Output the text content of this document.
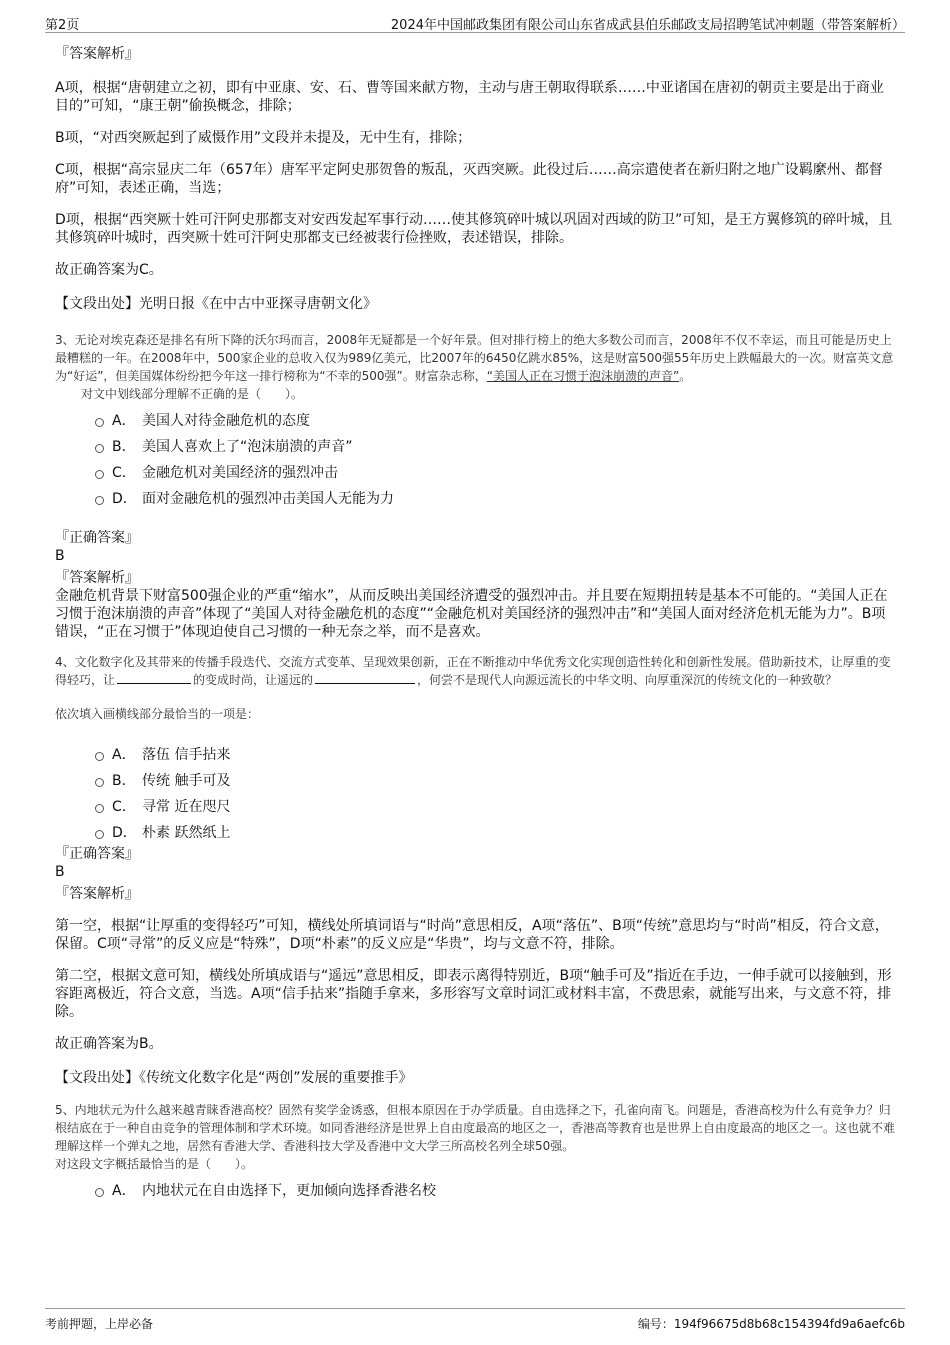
第2页	2024年中国邮政集团有限公司山东省成武县伯乐邮政支局招聘笔试冲刺题（带答案解析）

『答案解析』

A项，根据“唐朝建立之初，即有中亚康、安、石、曹等国来献方物，主动与唐王朝取得联系……中亚诸国在唐初的朝贡主要是出于商业目的”可知，“康王朝”偷换概念，排除；

B项，“对西突厥起到了威慑作用”文段并未提及，无中生有，排除；

C项，根据“高宗显庆二年（657年）唐军平定阿史那贺鲁的叛乱，灭西突厥。此役过后……高宗遣使者在新归附之地广设羁縻州、都督府”可知，表述正确，当选；

D项，根据“西突厥十姓可汗阿史那都支对安西发起军事行动……使其修筑碎叶城以巩固对西域的防卫”可知，是王方翼修筑的碎叶城，且其修筑碎叶城时，西突厥十姓可汗阿史那都支已经被裴行俭挫败，表述错误，排除。

故正确答案为C。

【文段出处】光明日报《在中古中亚探寻唐朝文化》

3、无论对埃克森还是排名有所下降的沃尔玛而言，2008年无疑都是一个好年景。但对排行榜上的绝大多数公司而言，2008年不仅不幸运，而且可能是历史上最糟糕的一年。在2008年中，500家企业的总收入仅为989亿美元，比2007年的6450亿跳水85%，这是财富500强55年历史上跌幅最大的一次。财富英文意为“好运”，但美国媒体纷纷把今年这一排行榜称为“不幸的500强”。财富杂志称，“美国人正在习惯于泡沫崩溃的声音”。

对文中划线部分理解不正确的是（　　）。

A． 美国人对待金融危机的态度
B． 美国人喜欢上了“泡沫崩溃的声音”
C． 金融危机对美国经济的强烈冲击
D． 面对金融危机的强烈冲击美国人无能为力

『正确答案』

B

『答案解析』

金融危机背景下财富500强企业的严重“缩水”，从而反映出美国经济遭受的强烈冲击。并且要在短期扭转是基本不可能的。“美国人正在习惯于泡沫崩溃的声音”体现了“美国人对待金融危机的态度”“金融危机对美国经济的强烈冲击”和“美国人面对经济危机无能为力”。B项错误，“正在习惯于”体现迫使自己习惯的一种无奈之举，而不是喜欢。

4、文化数字化及其带来的传播手段迭代、交流方式变革、呈现效果创新，正在不断推动中华优秀文化实现创造性转化和创新性发展。借助新技术，让厚重的变得轻巧，让	的变成时尚，让遥远的	，何尝不是现代人向源远流长的中华文明、向厚重深沉的传统文化的一种致敬？

依次填入画横线部分最恰当的一项是：

A． 落伍 信手拈来
B． 传统 触手可及
C． 寻常 近在咫尺
D． 朴素 跃然纸上

『正确答案』

B

『答案解析』

第一空，根据“让厚重的变得轻巧”可知，横线处所填词语与“时尚”意思相反，A项“落伍”、B项“传统”意思均与“时尚”相反，符合文意，保留。C项“寻常”的反义应是“特殊”，D项“朴素”的反义应是“华贵”，均与文意不符，排除。

第二空，根据文意可知，横线处所填成语与“遥远”意思相反，即表示离得特别近，B项“触手可及”指近在手边，一伸手就可以接触到，形容距离极近，符合文意，当选。A项“信手拈来”指随手拿来，多形容写文章时词汇或材料丰富，不费思索，就能写出来，与文意不符，排除。

故正确答案为B。

【文段出处】《传统文化数字化是“两创”发展的重要推手》

5、内地状元为什么越来越青睐香港高校？固然有奖学金诱惑，但根本原因在于办学质量。自由选择之下，孔雀向南飞。问题是，香港高校为什么有竞争力？归根结底在于一种自由竞争的管理体制和学术环境。如同香港经济是世界上自由度最高的地区之一，香港高等教育也是世界上自由度最高的地区之一。这也就不难理解这样一个弹丸之地，居然有香港大学、香港科技大学及香港中文大学三所高校名列全球50强。

对这段文字概括最恰当的是（　　）。

A． 内地状元在自由选择下，更加倾向选择香港名校
考前押题，上岸必备	编号：194f96675d8b68c154394fd9a6aefc6b
